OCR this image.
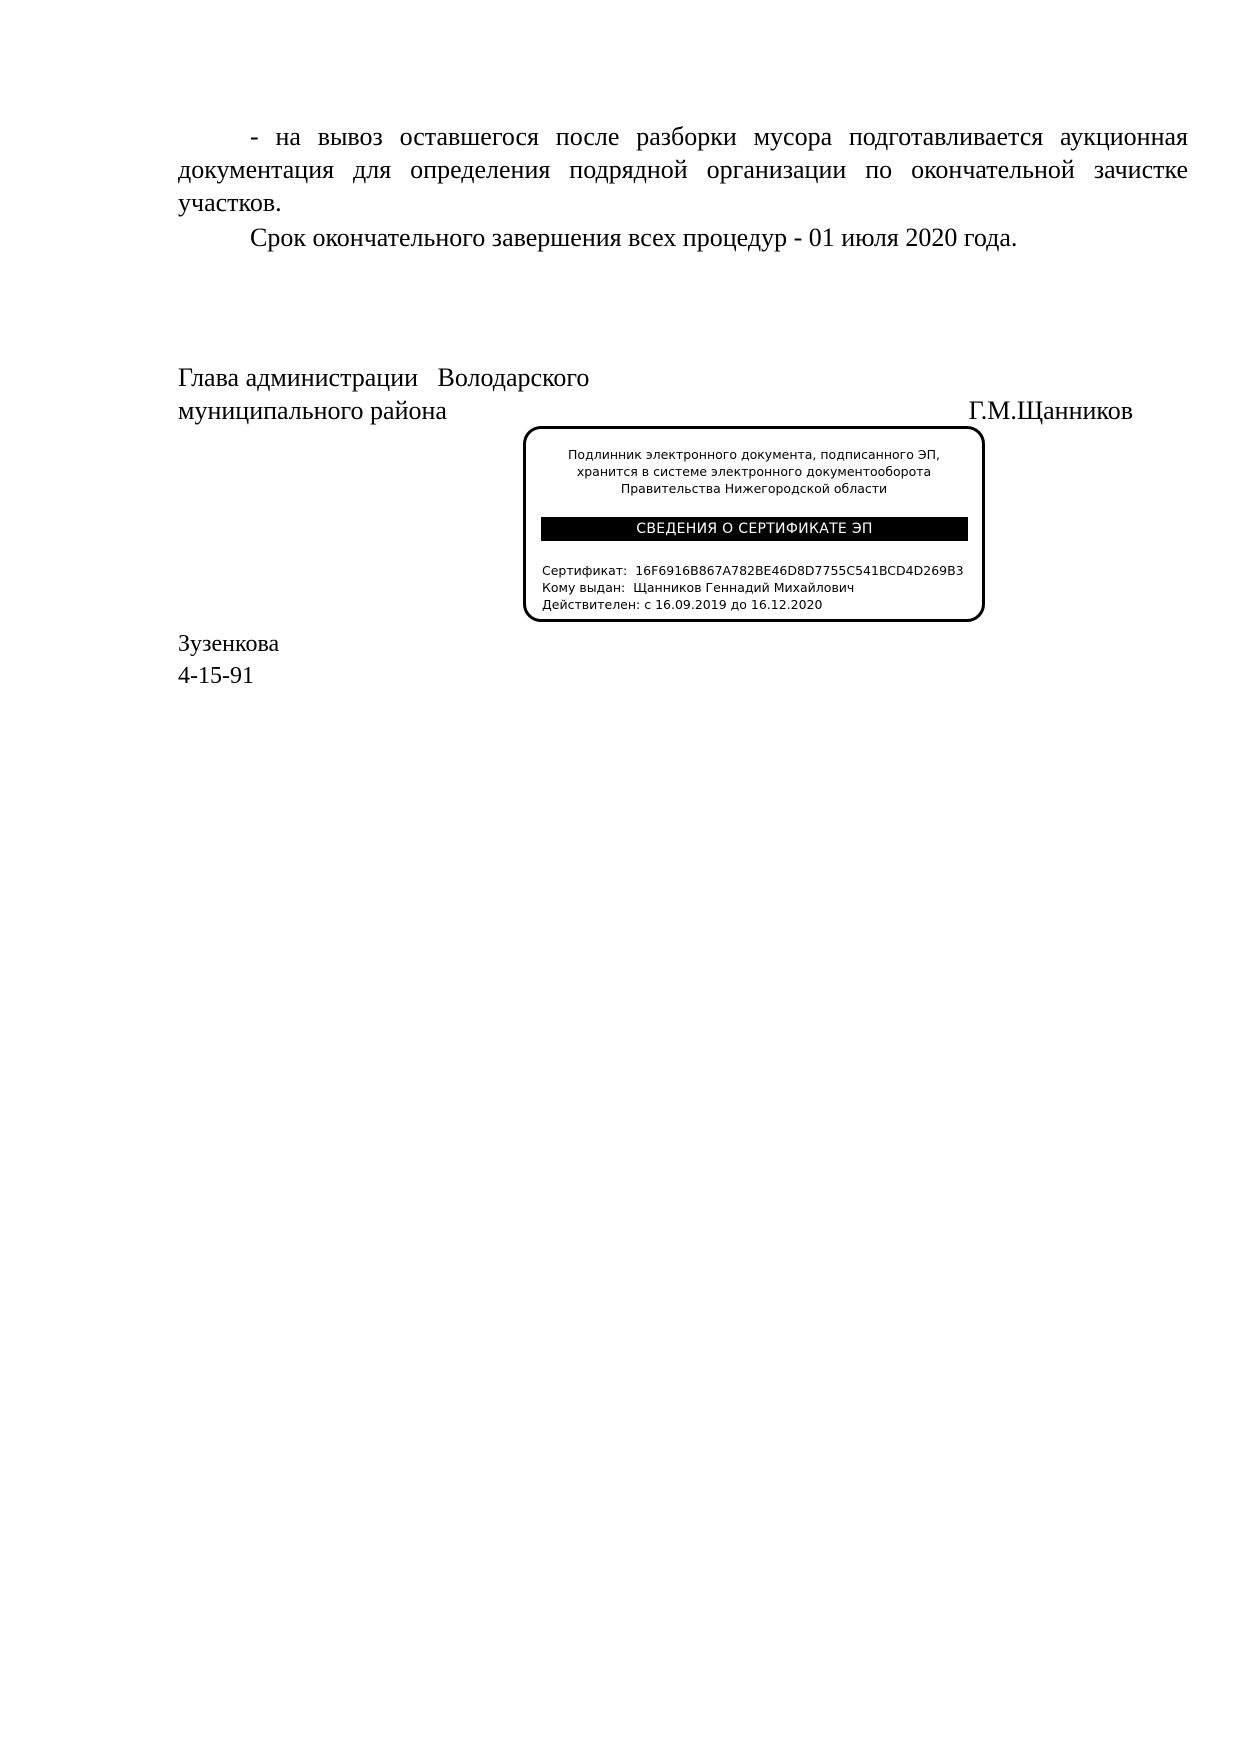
- на вывоз оставшегося после разборки мусора подготавливается аукционная документация для определения подрядной организации по окончательной зачистке участков.

Срок окончательного завершения всех процедур - 01 июля 2020 года.

Глава администрации   Володарского

муниципального района	Г.М.Щанников

Подлинник электронного документа, подписанного ЭП,
хранится в системе электронного документооборота
Правительства Нижегородской области
СВЕДЕНИЯ О СЕРТИФИКАТЕ ЭП
Сертификат:  16F6916B867A782BE46D8D7755C541BCD4D269B3
Кому выдан:  Щанников Геннадий Михайлович
Действителен: с 16.09.2019 до 16.12.2020

Зузенкова

4-15-91
